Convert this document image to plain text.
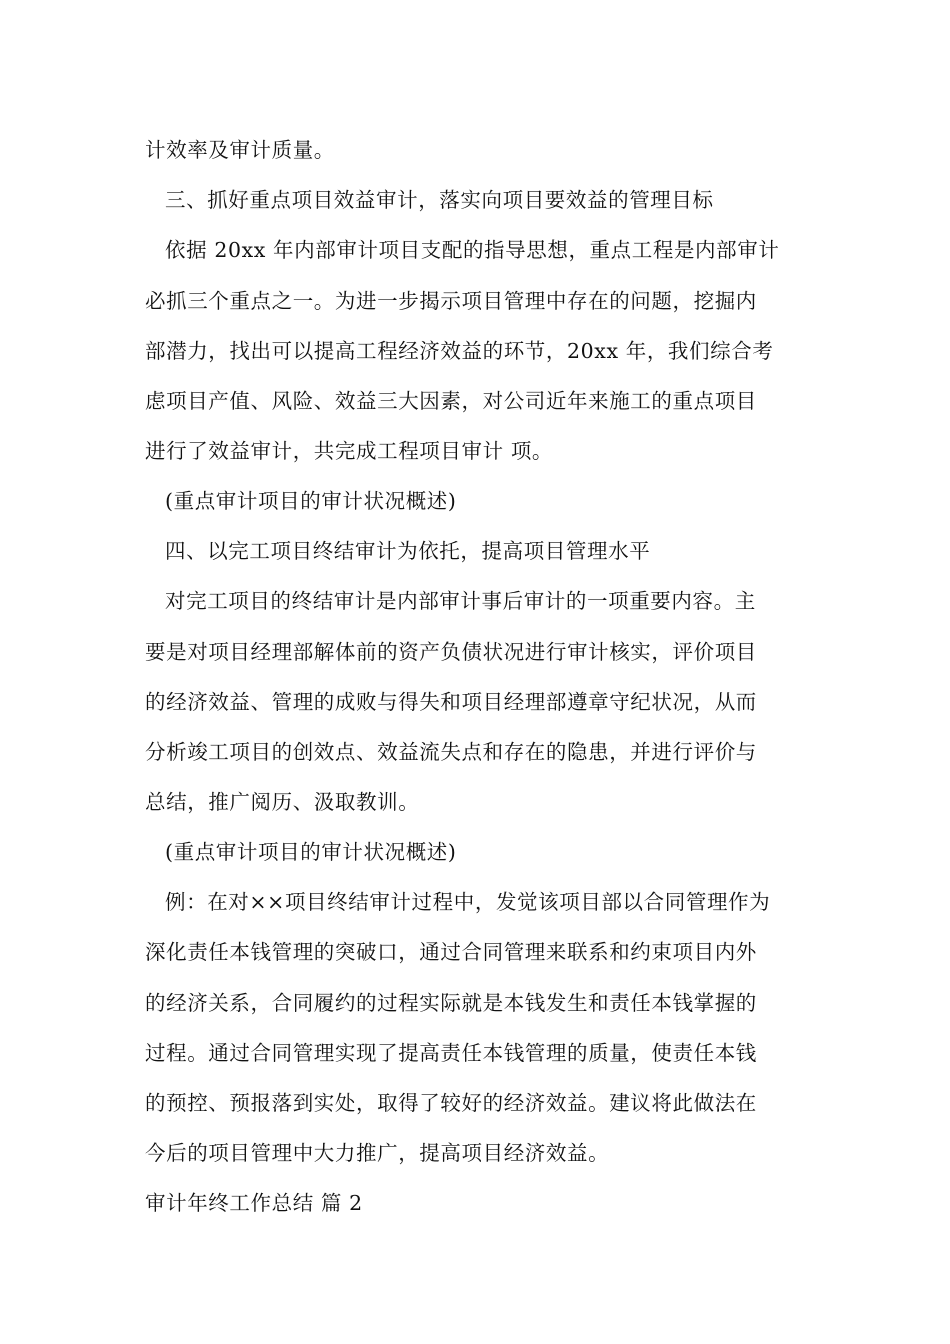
计效率及审计质量。
三、抓好重点项目效益审计，落实向项目要效益的管理目标
依据 20xx 年内部审计项目支配的指导思想，重点工程是内部审计
必抓三个重点之一。为进一步揭示项目管理中存在的问题，挖掘内
部潜力，找出可以提高工程经济效益的环节，20xx 年，我们综合考
虑项目产值、风险、效益三大因素，对公司近年来施工的重点项目
进行了效益审计，共完成工程项目审计 项。
(重点审计项目的审计状况概述)
四、以完工项目终结审计为依托，提高项目管理水平
对完工项目的终结审计是内部审计事后审计的一项重要内容。主
要是对项目经理部解体前的资产负债状况进行审计核实，评价项目
的经济效益、管理的成败与得失和项目经理部遵章守纪状况，从而
分析竣工项目的创效点、效益流失点和存在的隐患，并进行评价与
总结，推广阅历、汲取教训。
(重点审计项目的审计状况概述)
例：在对××项目终结审计过程中，发觉该项目部以合同管理作为
深化责任本钱管理的突破口，通过合同管理来联系和约束项目内外
的经济关系，合同履约的过程实际就是本钱发生和责任本钱掌握的
过程。通过合同管理实现了提高责任本钱管理的质量，使责任本钱
的预控、预报落到实处，取得了较好的经济效益。建议将此做法在
今后的项目管理中大力推广，提高项目经济效益。
审计年终工作总结 篇 2
